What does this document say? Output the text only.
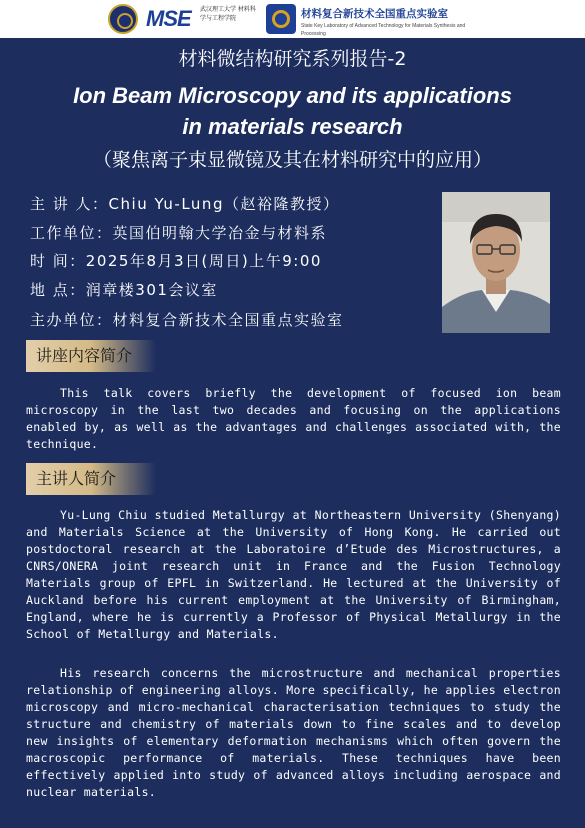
MSE	武汉理工大学 材料科学与工程学院	材料复合新技术全国重点实验室
State Key Laboratory of Advanced Technology for Materials Synthesis and Processing
材料微结构研究系列报告-2
Ion Beam Microscopy and its applications
in materials research
（聚焦离子束显微镜及其在材料研究中的应用）
主 讲 人：Chiu Yu-Lung（赵裕隆教授）
工作单位：英国伯明翰大学冶金与材料系
时 间：2025年8月3日(周日)上午9:00
地 点：润章楼301会议室
主办单位：材料复合新技术全国重点实验室
讲座内容简介
This talk covers briefly the development of focused ion beam microscopy in the last two decades and focusing on the applications enabled by, as well as the advantages and challenges associated with, the technique.
主讲人简介
Yu-Lung Chiu studied Metallurgy at Northeastern University (Shenyang) and Materials Science at the University of Hong Kong. He carried out postdoctoral research at the Laboratoire d’Etude des Microstructures, a CNRS/ONERA joint research unit in France and the Fusion Technology Materials group of EPFL in Switzerland. He lectured at the University of Auckland before his current employment at the University of Birmingham, England, where he is currently a Professor of Physical Metallurgy in the School of Metallurgy and Materials.
His research concerns the microstructure and mechanical properties relationship of engineering alloys. More specifically, he applies electron microscopy and micro-mechanical characterisation techniques to study the structure and chemistry of materials down to fine scales and to develop new insights of elementary deformation mechanisms which often govern the macroscopic performance of materials. These techniques have been effectively applied into study of advanced alloys including aerospace and nuclear materials.
